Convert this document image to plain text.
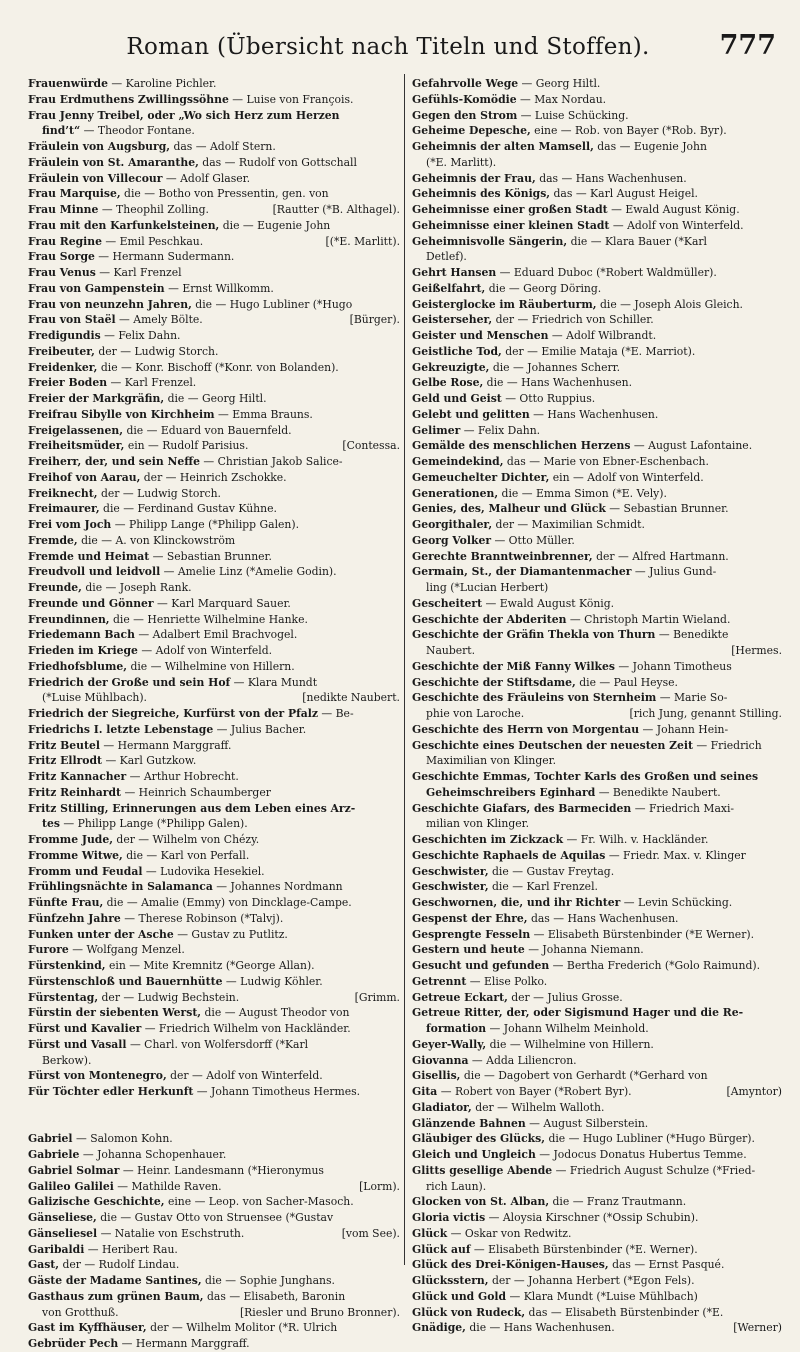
Roman (Übersicht nach Titeln und Stoffen).	777
Frauenwürde — Karoline Pichler.
Frau Erdmuthens Zwillingssöhne — Luise von François.
Frau Jenny Treibel, oder „Wo sich Herz zum Herzen
find’t“ — Theodor Fontane.
Fräulein von Augsburg, das — Adolf Stern.
Fräulein von St. Amaranthe, das — Rudolf von Gottschall
Fräulein von Villecour — Adolf Glaser.
Frau Marquise, die — Botho von Pressentin, gen. von
Frau Minne — Theophil Zolling.	[Rautter (*B. Althagel).
Frau mit den Karfunkelsteinen, die — Eugenie John
Frau Regine — Emil Peschkau.	[(*E. Marlitt).
Frau Sorge — Hermann Sudermann.
Frau Venus — Karl Frenzel
Frau von Gampenstein — Ernst Willkomm.
Frau von neunzehn Jahren, die — Hugo Lubliner (*Hugo
Frau von Staël — Amely Bölte.	[Bürger).
Fredigundis — Felix Dahn.
Freibeuter, der — Ludwig Storch.
Freidenker, die — Konr. Bischoff (*Konr. von Bolanden).
Freier Boden — Karl Frenzel.
Freier der Markgräfin, die — Georg Hiltl.
Freifrau Sibylle von Kirchheim — Emma Brauns.
Freigelassenen, die — Eduard von Bauernfeld.
Freiheitsmüder, ein — Rudolf Parisius.	[Contessa.
Freiherr, der, und sein Neffe — Christian Jakob Salice-
Freihof von Aarau, der — Heinrich Zschokke.
Freiknecht, der — Ludwig Storch.
Freimaurer, die — Ferdinand Gustav Kühne.
Frei vom Joch — Philipp Lange (*Philipp Galen).
Fremde, die — A. von Klinckowström
Fremde und Heimat — Sebastian Brunner.
Freudvoll und leidvoll — Amelie Linz (*Amelie Godin).
Freunde, die — Joseph Rank.
Freunde und Gönner — Karl Marquard Sauer.
Freundinnen, die — Henriette Wilhelmine Hanke.
Friedemann Bach — Adalbert Emil Brachvogel.
Frieden im Kriege — Adolf von Winterfeld.
Friedhofsblume, die — Wilhelmine von Hillern.
Friedrich der Große und sein Hof — Klara Mundt
(*Luise Mühlbach).	[nedikte Naubert.
Friedrich der Siegreiche, Kurfürst von der Pfalz — Be-
Friedrichs I. letzte Lebenstage — Julius Bacher.
Fritz Beutel — Hermann Marggraff.
Fritz Ellrodt — Karl Gutzkow.
Fritz Kannacher — Arthur Hobrecht.
Fritz Reinhardt — Heinrich Schaumberger
Fritz Stilling, Erinnerungen aus dem Leben eines Arz-
tes — Philipp Lange (*Philipp Galen).
Fromme Jude, der — Wilhelm von Chézy.
Fromme Witwe, die — Karl von Perfall.
Fromm und Feudal — Ludovika Hesekiel.
Frühlingsnächte in Salamanca — Johannes Nordmann
Fünfte Frau, die — Amalie (Emmy) von Dincklage-Campe.
Fünfzehn Jahre — Therese Robinson (*Talvj).
Funken unter der Asche — Gustav zu Putlitz.
Furore — Wolfgang Menzel.
Fürstenkind, ein — Mite Kremnitz (*George Allan).
Fürstenschloß und Bauernhütte — Ludwig Köhler.
Fürstentag, der — Ludwig Bechstein.	[Grimm.
Fürstin der siebenten Werst, die — August Theodor von
Fürst und Kavalier — Friedrich Wilhelm von Hackländer.
Fürst und Vasall — Charl. von Wolfersdorff (*Karl
Berkow).
Fürst von Montenegro, der — Adolf von Winterfeld.
Für Töchter edler Herkunft — Johann Timotheus Hermes.
Gabriel — Salomon Kohn.
Gabriele — Johanna Schopenhauer.
Gabriel Solmar — Heinr. Landesmann (*Hieronymus
Galileo Galilei — Mathilde Raven.	[Lorm).
Galizische Geschichte, eine — Leop. von Sacher-Masoch.
Gänseliese, die — Gustav Otto von Struensee (*Gustav
Gänseliesel — Natalie von Eschstruth.	[vom See).
Garibaldi — Heribert Rau.
Gast, der — Rudolf Lindau.
Gäste der Madame Santines, die — Sophie Junghans.
Gasthaus zum grünen Baum, das — Elisabeth, Baronin
von Grotthuß.	[Riesler und Bruno Bronner).
Gast im Kyffhäuser, der — Wilhelm Molitor (*R. Ulrich
Gebrüder Pech — Hermann Marggraff.
Gefahrvolle Wege — Georg Hiltl.
Gefühls-Komödie — Max Nordau.
Gegen den Strom — Luise Schücking.
Geheime Depesche, eine — Rob. von Bayer (*Rob. Byr).
Geheimnis der alten Mamsell, das — Eugenie John
(*E. Marlitt).
Geheimnis der Frau, das — Hans Wachenhusen.
Geheimnis des Königs, das — Karl August Heigel.
Geheimnisse einer großen Stadt — Ewald August König.
Geheimnisse einer kleinen Stadt — Adolf von Winterfeld.
Geheimnisvolle Sängerin, die — Klara Bauer (*Karl
Detlef).
Gehrt Hansen — Eduard Duboc (*Robert Waldmüller).
Geißelfahrt, die — Georg Döring.
Geisterglocke im Räuberturm, die — Joseph Alois Gleich.
Geisterseher, der — Friedrich von Schiller.
Geister und Menschen — Adolf Wilbrandt.
Geistliche Tod, der — Emilie Mataja (*E. Marriot).
Gekreuzigte, die — Johannes Scherr.
Gelbe Rose, die — Hans Wachenhusen.
Geld und Geist — Otto Ruppius.
Gelebt und gelitten — Hans Wachenhusen.
Gelimer — Felix Dahn.
Gemälde des menschlichen Herzens — August Lafontaine.
Gemeindekind, das — Marie von Ebner-Eschenbach.
Gemeuchelter Dichter, ein — Adolf von Winterfeld.
Generationen, die — Emma Simon (*E. Vely).
Genies, des, Malheur und Glück — Sebastian Brunner.
Georgithaler, der — Maximilian Schmidt.
Georg Volker — Otto Müller.
Gerechte Branntweinbrenner, der — Alfred Hartmann.
Germain, St., der Diamantenmacher — Julius Gund-
ling (*Lucian Herbert)
Gescheitert — Ewald August König.
Geschichte der Abderiten — Christoph Martin Wieland.
Geschichte der Gräfin Thekla von Thurn — Benedikte
Naubert.	[Hermes.
Geschichte der Miß Fanny Wilkes — Johann Timotheus
Geschichte der Stiftsdame, die — Paul Heyse.
Geschichte des Fräuleins von Sternheim — Marie So-
phie von Laroche.	[rich Jung, genannt Stilling.
Geschichte des Herrn von Morgentau — Johann Hein-
Geschichte eines Deutschen der neuesten Zeit — Friedrich
Maximilian von Klinger.
Geschichte Emmas, Tochter Karls des Großen und seines
Geheimschreibers Eginhard — Benedikte Naubert.
Geschichte Giafars, des Barmeciden — Friedrich Maxi-
milian von Klinger.
Geschichten im Zickzack — Fr. Wilh. v. Hackländer.
Geschichte Raphaels de Aquilas — Friedr. Max. v. Klinger
Geschwister, die — Gustav Freytag.
Geschwister, die — Karl Frenzel.
Geschwornen, die, und ihr Richter — Levin Schücking.
Gespenst der Ehre, das — Hans Wachenhusen.
Gesprengte Fesseln — Elisabeth Bürstenbinder (*E Werner).
Gestern und heute — Johanna Niemann.
Gesucht und gefunden — Bertha Frederich (*Golo Raimund).
Getrennt — Elise Polko.
Getreue Eckart, der — Julius Grosse.
Getreue Ritter, der, oder Sigismund Hager und die Re-
formation — Johann Wilhelm Meinhold.
Geyer-Wally, die — Wilhelmine von Hillern.
Giovanna — Adda Liliencron.
Gisellis, die — Dagobert von Gerhardt (*Gerhard von
Gita — Robert von Bayer (*Robert Byr).	[Amyntor)
Gladiator, der — Wilhelm Walloth.
Glänzende Bahnen — August Silberstein.
Gläubiger des Glücks, die — Hugo Lubliner (*Hugo Bürger).
Gleich und Ungleich — Jodocus Donatus Hubertus Temme.
Glitts gesellige Abende — Friedrich August Schulze (*Fried-
rich Laun).
Glocken von St. Alban, die — Franz Trautmann.
Gloria victis — Aloysia Kirschner (*Ossip Schubin).
Glück — Oskar von Redwitz.
Glück auf — Elisabeth Bürstenbinder (*E. Werner).
Glück des Drei-Königen-Hauses, das — Ernst Pasqué.
Glücksstern, der — Johanna Herbert (*Egon Fels).
Glück und Gold — Klara Mundt (*Luise Mühlbach)
Glück von Rudeck, das — Elisabeth Bürstenbinder (*E.
Gnädige, die — Hans Wachenhusen.	[Werner)
